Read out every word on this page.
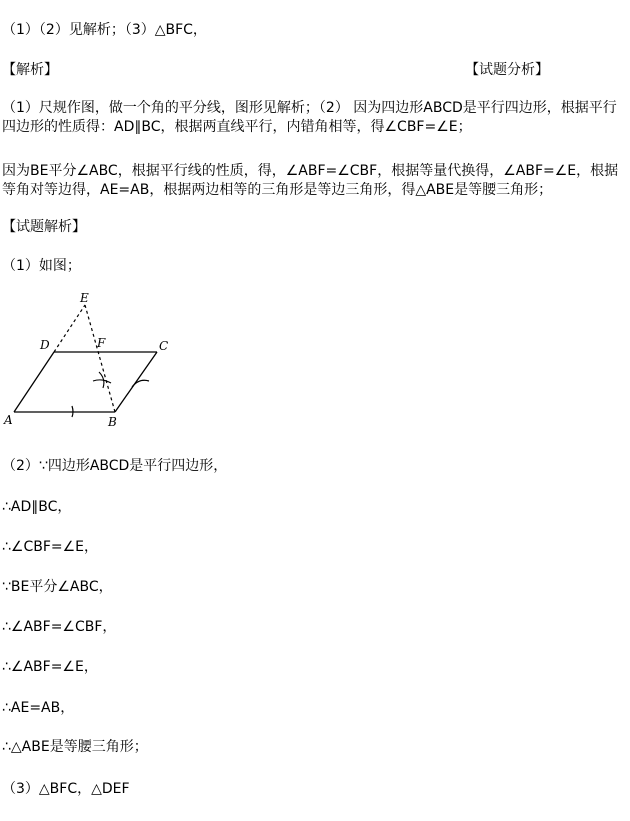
（1）（2）见解析；（3）△BFC，
【解析】	【试题分析】
（1）尺规作图，做一个角的平分线，图形见解析；（2） 因为四边形ABCD是平行四边形，根据平行四边形的性质得：AD∥BC，根据两直线平行，内错角相等，得∠CBF=∠E；
因为BE平分∠ABC，根据平行线的性质，得，∠ABF=∠CBF，根据等量代换得，∠ABF=∠E，根据等角对等边得，AE=AB，根据两边相等的三角形是等边三角形，得△ABE是等腰三角形；
【试题解析】
（1）如图；
E
D	F	C
A	B
（2）∵四边形ABCD是平行四边形，
∴AD∥BC，
∴∠CBF=∠E，
∵BE平分∠ABC，
∴∠ABF=∠CBF，
∴∠ABF=∠E，
∴AE=AB，
∴△ABE是等腰三角形；
（3）△BFC，△DEF
